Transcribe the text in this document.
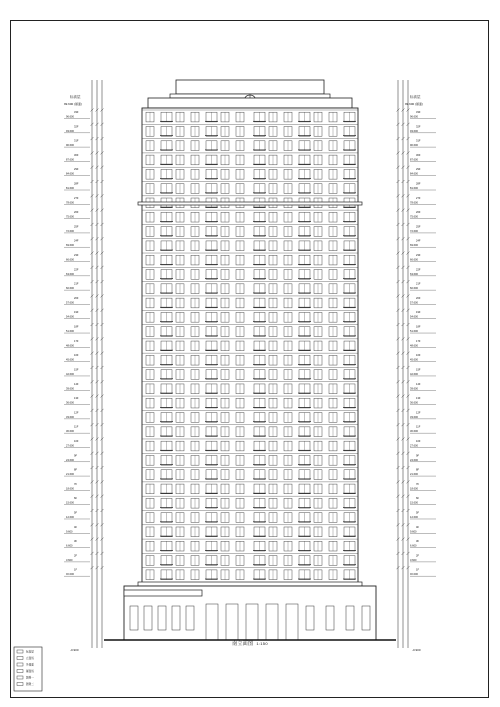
标高层	标高层
99.600 (屋面)	99.600 (屋面)
33F
96.600
33F
96.600
32F
93.600
32F
93.600
31F
90.600
31F
90.600
30F
87.600
30F
87.600
29F
84.600
29F
84.600
28F
81.600
28F
81.600
27F
78.600
27F
78.600
26F
75.600
26F
75.600
25F
72.600
25F
72.600
24F
69.600
24F
69.600
23F
66.600
23F
66.600
22F
63.600
22F
63.600
21F
60.600
21F
60.600
20F
57.600
20F
57.600
19F
54.600
19F
54.600
18F
51.600
18F
51.600
17F
48.600
17F
48.600
16F
45.600
16F
45.600
15F
42.600
15F
42.600
14F
39.600
14F
39.600
13F
36.600
13F
36.600
12F
33.600
12F
33.600
11F
30.600
11F
30.600
10F
27.600
10F
27.600
9F
24.600
9F
24.600
8F
21.600
8F
21.600
7F
18.600
7F
18.600
6F
15.600
6F
15.600
5F
12.600
5F
12.600
4F
9.600
4F
9.600
3F
6.600
3F
6.600
2F
3.600
2F
3.600
1F
±0.000
1F
±0.000
标准层
立面线
外墙面
屋面线
图例一
图例二
-0.900	-0.900
南立面图 1:150
